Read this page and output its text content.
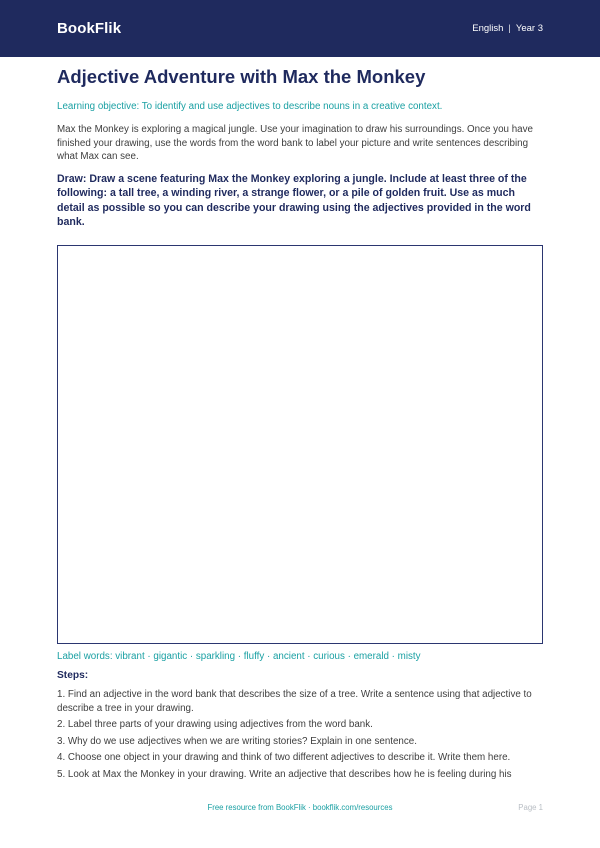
BookFlik	English | Year 3
Adjective Adventure with Max the Monkey

Learning objective: To identify and use adjectives to describe nouns in a creative context.

Max the Monkey is exploring a magical jungle. Use your imagination to draw his surroundings. Once you have finished your drawing, use the words from the word bank to label your picture and write sentences describing what Max can see.

Draw: Draw a scene featuring Max the Monkey exploring a jungle. Include at least three of the following: a tall tree, a winding river, a strange flower, or a pile of golden fruit. Use as much detail as possible so you can describe your drawing using the adjectives provided in the word bank.

Label words: vibrant · gigantic · sparkling · fluffy · ancient · curious · emerald · misty
Steps:
1. Find an adjective in the word bank that describes the size of a tree. Write a sentence using that adjective to describe a tree in your drawing.
2. Label three parts of your drawing using adjectives from the word bank.
3. Why do we use adjectives when we are writing stories? Explain in one sentence.
4. Choose one object in your drawing and think of two different adjectives to describe it. Write them here.
5. Look at Max the Monkey in your drawing. Write an adjective that describes how he is feeling during his
Free resource from BookFlik · bookflik.com/resources	Page 1
